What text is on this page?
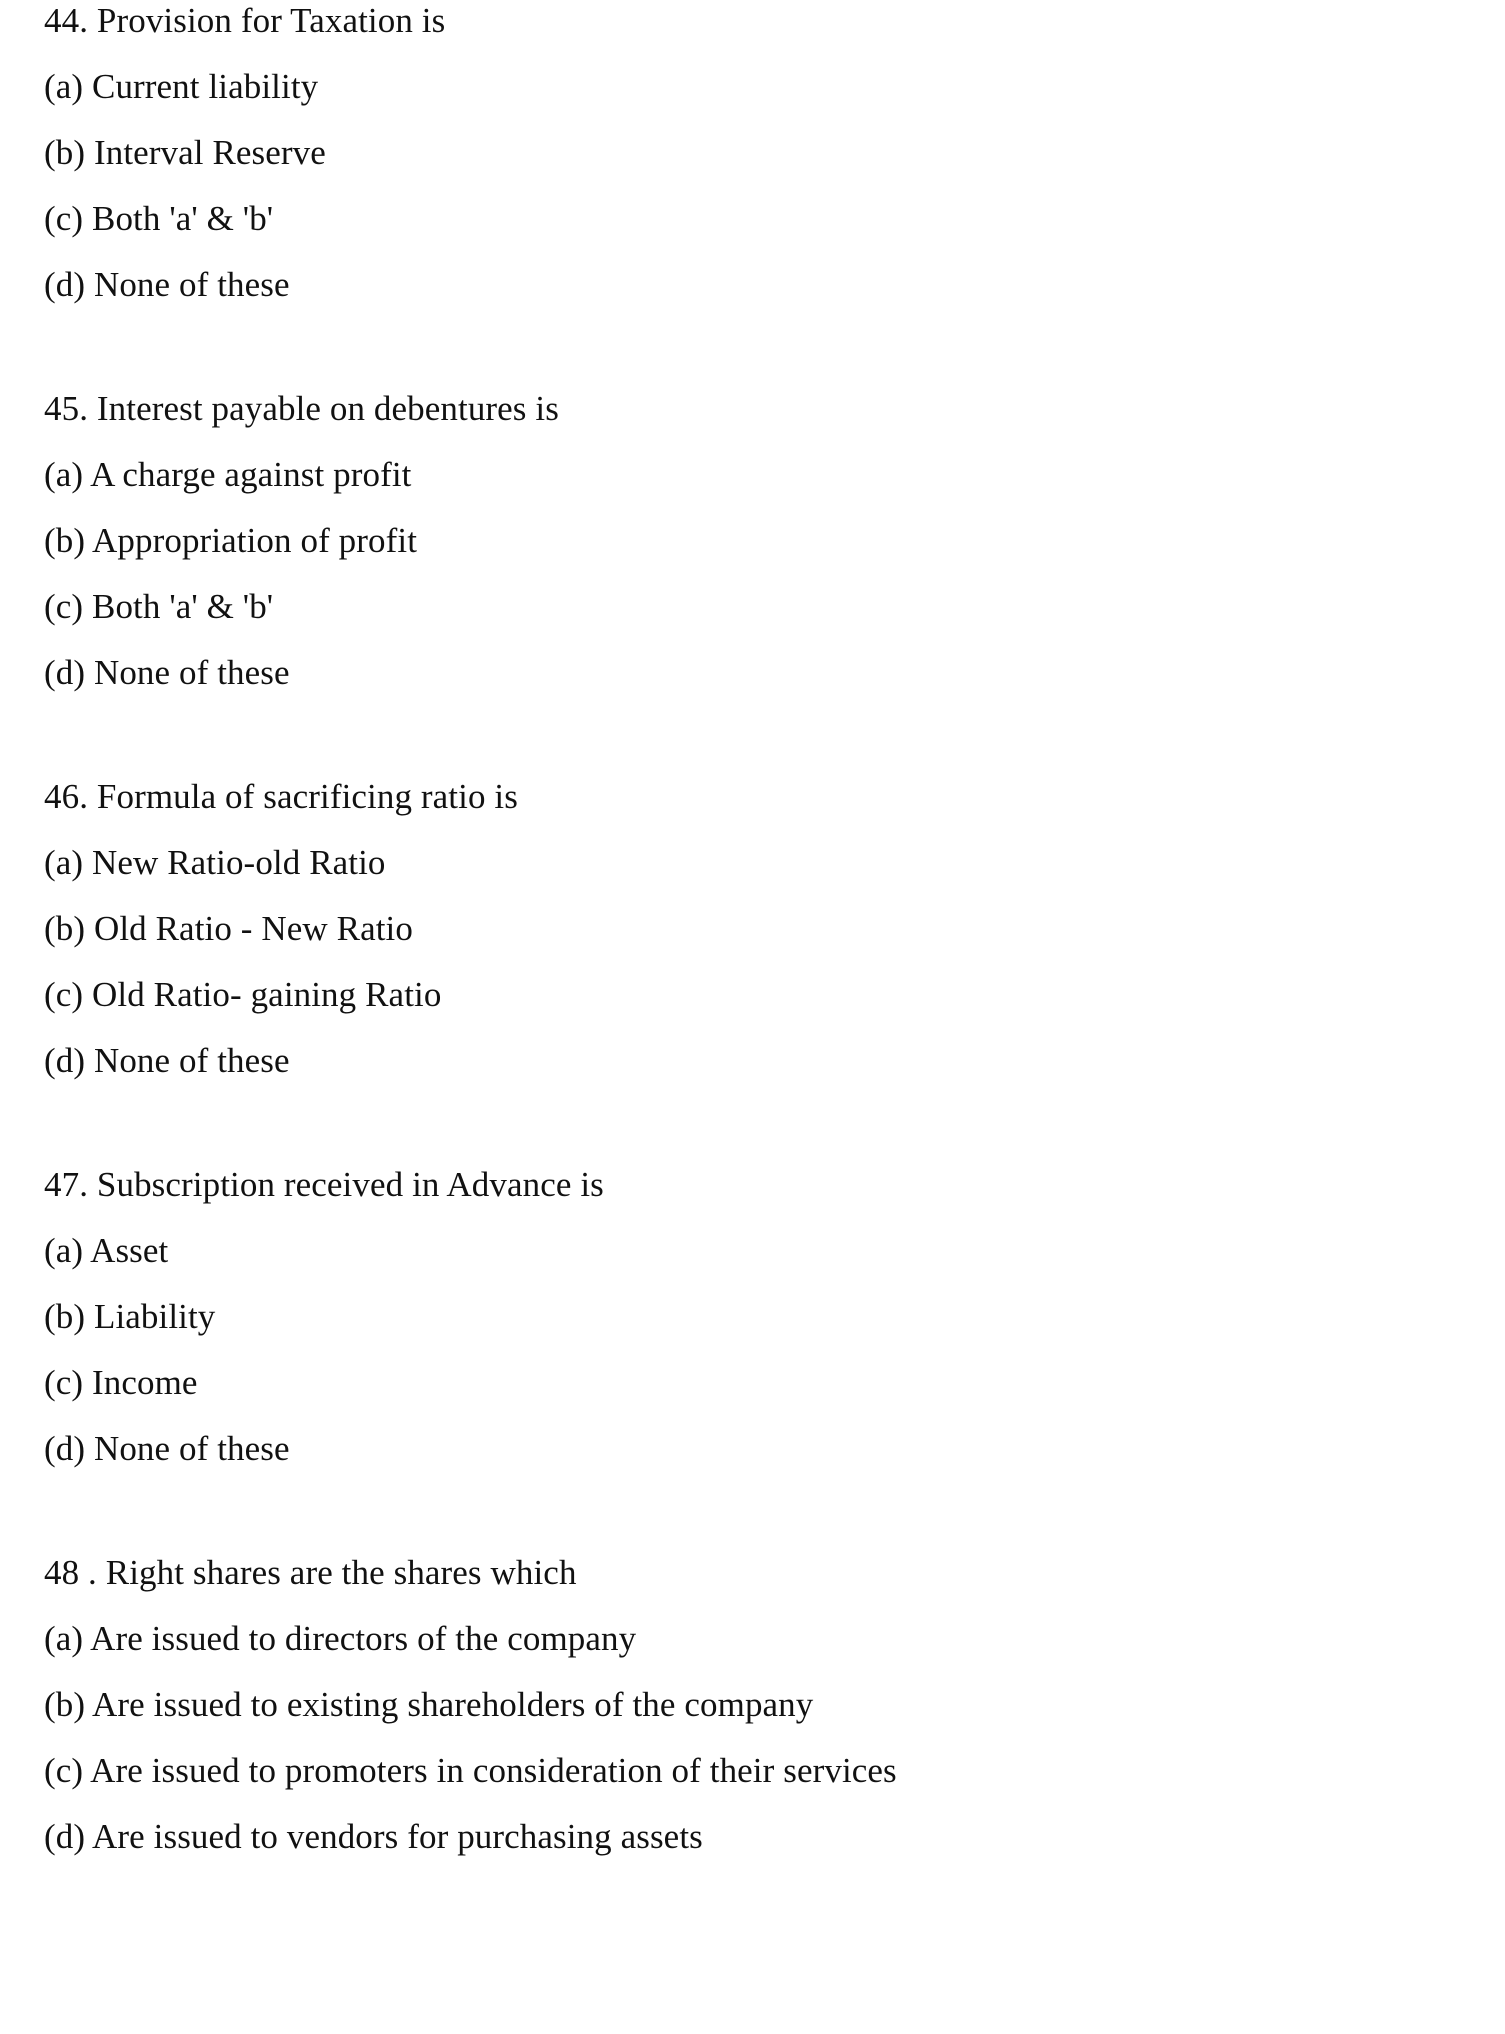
44. Provision for Taxation is
(a) Current liability
(b) Interval Reserve
(c) Both 'a' & 'b'
(d) None of these
45. Interest payable on debentures is
(a) A charge against profit
(b) Appropriation of profit
(c) Both 'a' & 'b'
(d) None of these
46. Formula of sacrificing ratio is
(a) New Ratio-old Ratio
(b) Old Ratio - New Ratio
(c) Old Ratio- gaining Ratio
(d) None of these
47. Subscription received in Advance is
(a) Asset
(b) Liability
(c) Income
(d) None of these
48 . Right shares are the shares which
(a) Are issued to directors of the company
(b) Are issued to existing shareholders of the company
(c) Are issued to promoters in consideration of their services
(d) Are issued to vendors for purchasing assets
